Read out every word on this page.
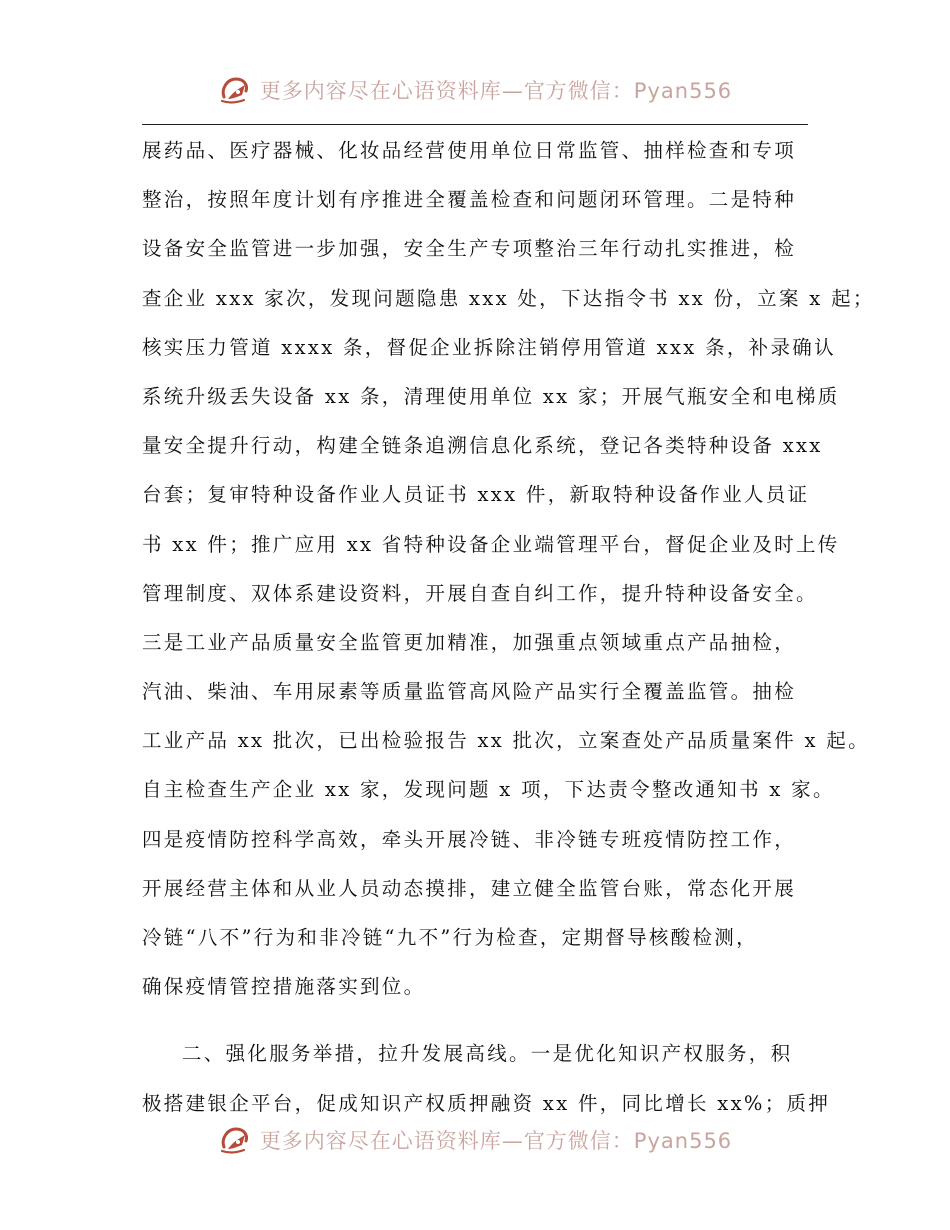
更多内容尽在心语资料库—官方微信：Pyan556
展药品、医疗器械、化妆品经营使用单位日常监管、抽样检查和专项
整治，按照年度计划有序推进全覆盖检查和问题闭环管理。二是特种
设备安全监管进一步加强，安全生产专项整治三年行动扎实推进，检
查企业 xxx 家次，发现问题隐患 xxx 处，下达指令书 xx 份，立案 x 起；
核实压力管道 xxxx 条，督促企业拆除注销停用管道 xxx 条，补录确认
系统升级丢失设备 xx 条，清理使用单位 xx 家；开展气瓶安全和电梯质
量安全提升行动，构建全链条追溯信息化系统，登记各类特种设备 xxx
台套；复审特种设备作业人员证书 xxx 件，新取特种设备作业人员证
书 xx 件；推广应用 xx 省特种设备企业端管理平台，督促企业及时上传
管理制度、双体系建设资料，开展自查自纠工作，提升特种设备安全。
三是工业产品质量安全监管更加精准，加强重点领域重点产品抽检，
汽油、柴油、车用尿素等质量监管高风险产品实行全覆盖监管。抽检
工业产品 xx 批次，已出检验报告 xx 批次，立案查处产品质量案件 x 起。
自主检查生产企业 xx 家，发现问题 x 项，下达责令整改通知书 x 家。
四是疫情防控科学高效，牵头开展冷链、非冷链专班疫情防控工作，
开展经营主体和从业人员动态摸排，建立健全监管台账，常态化开展
冷链“八不”行为和非冷链“九不”行为检查，定期督导核酸检测，
确保疫情管控措施落实到位。
二、强化服务举措，拉升发展高线。一是优化知识产权服务，积
极搭建银企平台，促成知识产权质押融资 xx 件，同比增长 xx%；质押
更多内容尽在心语资料库—官方微信：Pyan556
